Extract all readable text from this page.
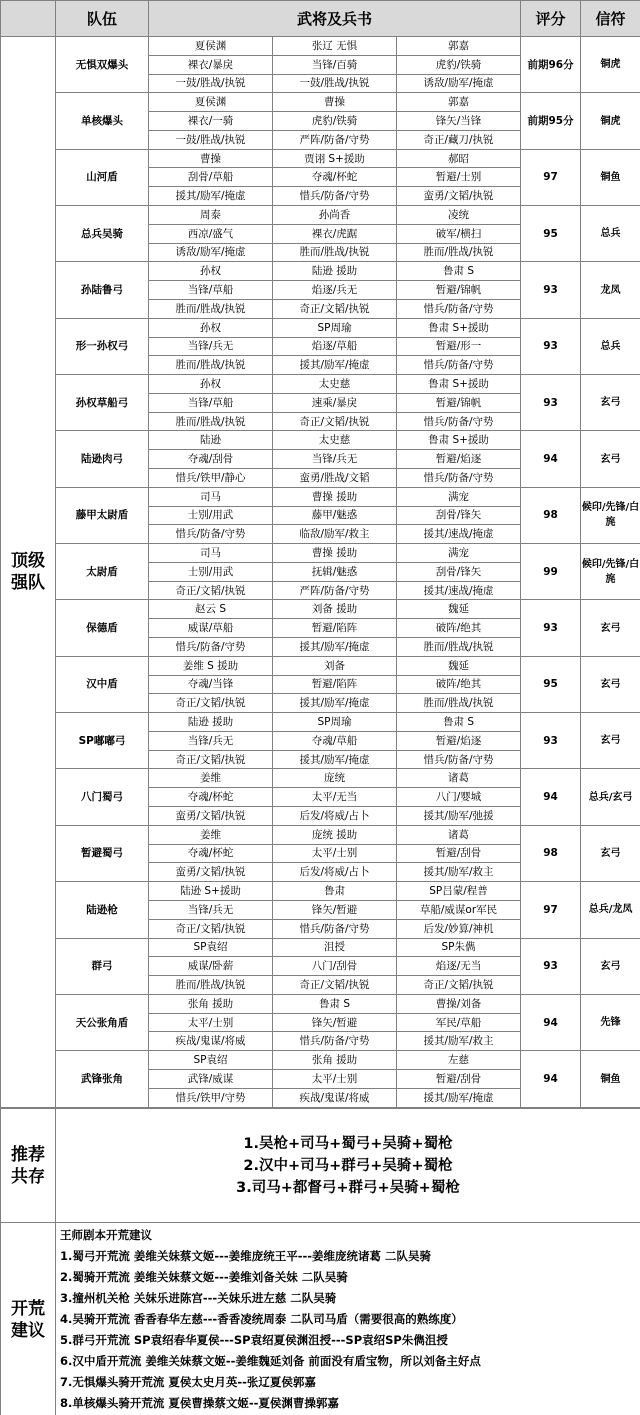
	队伍	武将及兵书			评分	信符
顶级
强队	无惧双爆头	夏侯渊	张辽 无惧	郭嘉	前期96分	铜虎
		裸衣/暴戾	当锋/百骑	虎豹/铁骑		
		一鼓/胜战/执锐	一鼓/胜战/执锐	诱敌/励军/掩虚		
	单核爆头	夏侯渊	曹操	郭嘉	前期95分	铜虎
		裸衣/一骑	虎豹/铁骑	锋矢/当锋		
		一鼓/胜战/执锐	严阵/防备/守势	奇正/藏刀/执锐		
	山河盾	曹操	贾诩 S+援助	郝昭	97	铜鱼
		刮骨/草船	夺魂/杯蛇	暂避/士别		
		援其/励军/掩虚	惜兵/防备/守势	蛮勇/文韬/执锐		
	总兵吴骑	周泰	孙尚香	凌统	95	总兵
		西凉/盛气	裸衣/虎踞	破军/横扫		
		诱敌/励军/掩虚	胜而/胜战/执锐	胜而/胜战/执锐		
	孙陆鲁弓	孙权	陆逊 援助	鲁肃 S	93	龙凤
		当锋/草船	焰逐/兵无	暂避/锦帆		
		胜而/胜战/执锐	奇正/文韬/执锐	惜兵/防备/守势		
	形一孙权弓	孙权	SP周瑜	鲁肃 S+援助	93	总兵
		当锋/兵无	焰逐/草船	暂避/形一		
		胜而/胜战/执锐	援其/励军/掩虚	惜兵/防备/守势		
	孙权草船弓	孙权	太史慈	鲁肃 S+援助	93	玄弓
		当锋/草船	速乘/暴戾	暂避/锦帆		
		胜而/胜战/执锐	奇正/文韬/执锐	惜兵/防备/守势		
	陆逊肉弓	陆逊	太史慈	鲁肃 S+援助	94	玄弓
		夺魂/刮骨	当锋/兵无	暂避/焰逐		
		惜兵/铁甲/静心	蛮勇/胜战/文韬	惜兵/防备/守势		
	藤甲太尉盾	司马	曹操 援助	满宠	98	候印/先锋/白旄
		士别/用武	藤甲/魅惑	刮骨/锋矢		
		惜兵/防备/守势	临敌/励军/救主	援其/速战/掩虚		
	太尉盾	司马	曹操 援助	满宠	99	候印/先锋/白旄
		士别/用武	抚辑/魅惑	刮骨/锋矢		
		奇正/文韬/执锐	严阵/防备/守势	援其/速战/掩虚		
	保德盾	赵云 S	刘备 援助	魏延	93	玄弓
		威谋/草船	暂避/陷阵	破阵/绝其		
		惜兵/防备/守势	援其/励军/掩虚	胜而/胜战/执锐		
	汉中盾	姜维 S 援助	刘备	魏延	95	玄弓
		夺魂/当锋	暂避/陷阵	破阵/绝其		
		奇正/文韬/执锐	援其/励军/掩虚	胜而/胜战/执锐		
	SP嘟嘟弓	陆逊 援助	SP周瑜	鲁肃 S	93	玄弓
		当锋/兵无	夺魂/草船	暂避/焰逐		
		奇正/文韬/执锐	援其/励军/掩虚	惜兵/防备/守势		
	八门蜀弓	姜维	庞统	诸葛	94	总兵/玄弓
		夺魂/杯蛇	太平/无当	八门/婴城		
		蛮勇/文韬/执锐	后发/将威/占卜	援其/励军/弛援		
	暂避蜀弓	姜维	庞统 援助	诸葛	98	玄弓
		夺魂/杯蛇	太平/士别	暂避/刮骨		
		蛮勇/文韬/执锐	后发/将威/占卜	援其/励军/救主		
	陆逊枪	陆逊 S+援助	鲁肃	SP吕蒙/程普	97	总兵/龙凤
		当锋/兵无	锋矢/暂避	草船/威谋or军民		
		奇正/文韬/执锐	惜兵/防备/守势	后发/妙算/神机		
	群弓	SP袁绍	沮授	SP朱儁	93	玄弓
		威谋/卧薪	八门/刮骨	焰逐/无当		
		胜而/胜战/执锐	奇正/文韬/执锐	奇正/文韬/执锐		
	天公张角盾	张角 援助	鲁肃 S	曹操/刘备	94	先锋
		太平/士别	锋矢/暂避	军民/草船		
		疾战/鬼谋/将威	惜兵/防备/守势	援其/励军/救主		
	武锋张角	SP袁绍	张角 援助	左慈	94	铜鱼
		武锋/威谋	太平/士别	暂避/刮骨		
		惜兵/铁甲/守势	疾战/鬼谋/将威	援其/励军/掩虚		
推荐
共存	
1.吴枪+司马+蜀弓+吴骑+蜀枪
2.汉中+司马+群弓+吴骑+蜀枪
3.司马+都督弓+群弓+吴骑+蜀枪
开荒
建议	
王师剧本开荒建议
1.蜀弓开荒流 姜维关妹蔡文姬---姜维庞统王平---姜维庞统诸葛 二队吴骑
2.蜀骑开荒流 姜维关妹蔡文姬---姜维刘备关妹 二队吴骑
3.撞州机关枪 关妹乐进陈宫---关妹乐进左慈 二队吴骑
4.吴骑开荒流 香香春华左慈---香香凌统周泰 二队司马盾（需要很高的熟练度）
5.群弓开荒流 SP袁绍春华夏侯---SP袁绍夏侯渊沮授---SP袁绍SP朱儁沮授
6.汉中盾开荒流 姜维关妹蔡文姬--姜维魏延刘备 前面没有盾宝物，所以刘备主好点
7.无惧爆头骑开荒流 夏侯太史月英--张辽夏侯郭嘉
8.单核爆头骑开荒流 夏侯曹操蔡文姬--夏侯渊曹操郭嘉
